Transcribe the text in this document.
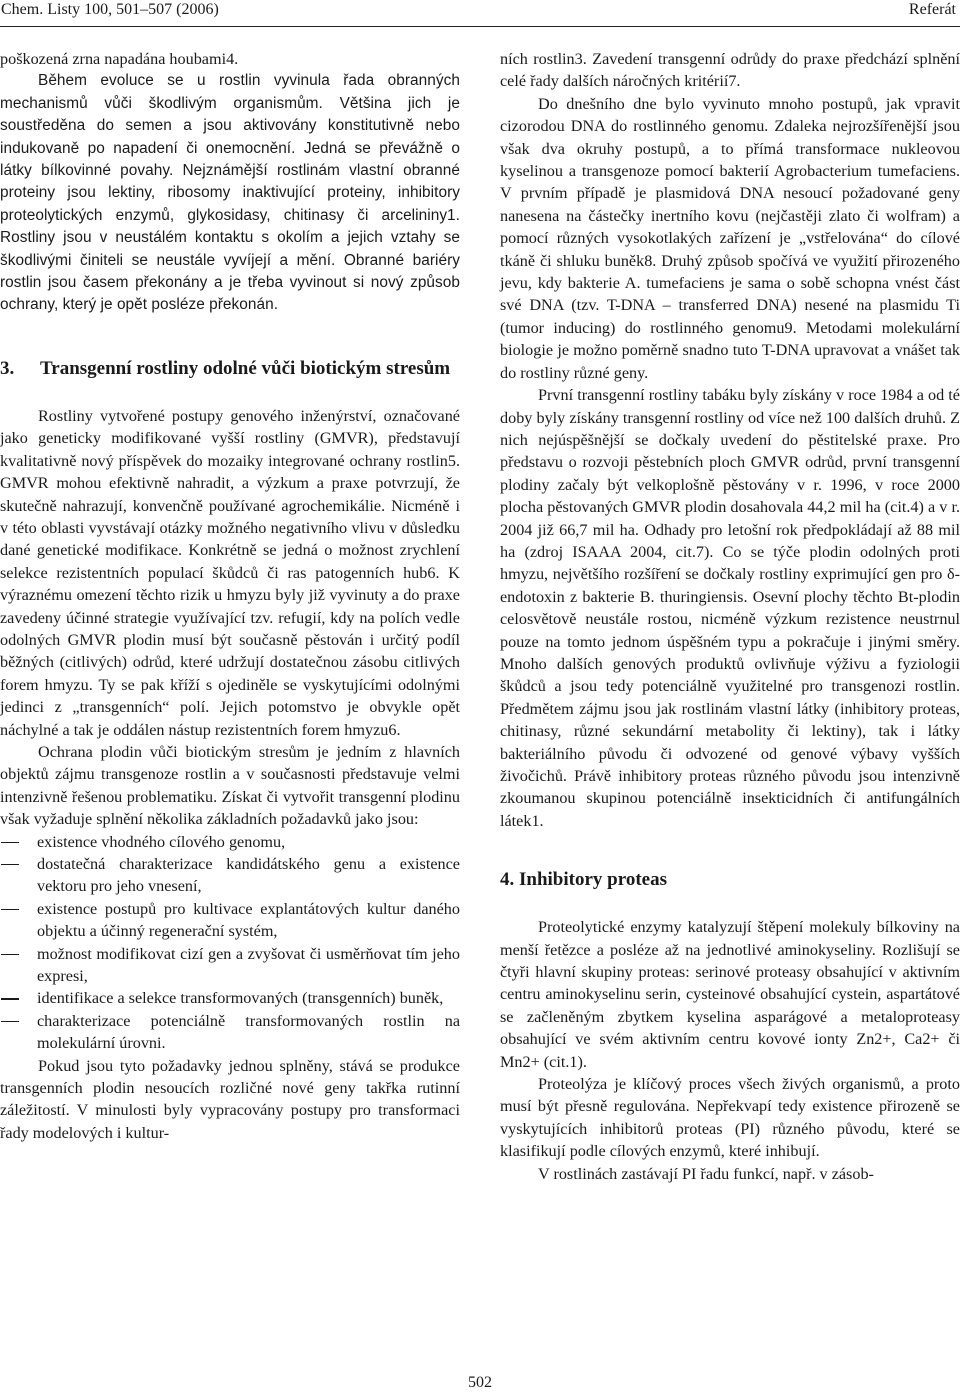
Chem. Listy 100, 501–507 (2006)	Referát

poškozená zrna napadána houbami4.

Během evoluce se u rostlin vyvinula řada obranných mechanismů vůči škodlivým organismům. Většina jich je soustředěna do semen a jsou aktivovány konstitutivně nebo indukovaně po napadení či onemocnění. Jedná se převážně o látky bílkovinné povahy. Nejznámější rostlinám vlastní obranné proteiny jsou lektiny, ribosomy inaktivující proteiny, inhibitory proteolytických enzymů, glykosidasy, chitinasy či arcelininy1. Rostliny jsou v neustálém kontaktu s okolím a jejich vztahy se škodlivými činiteli se neustále vyvíjejí a mění. Obranné bariéry rostlin jsou časem překonány a je třeba vyvinout si nový způsob ochrany, který je opět posléze překonán.

3.	Transgenní rostliny odolné vůči biotickým stresům

Rostliny vytvořené postupy genového inženýrství, označované jako geneticky modifikované vyšší rostliny (GMVR), představují kvalitativně nový příspěvek do mozaiky integrované ochrany rostlin5. GMVR mohou efektivně nahradit, a výzkum a praxe potvrzují, že skutečně nahrazují, konvenčně používané agrochemikálie. Nicméně i v této oblasti vyvstávají otázky možného negativního vlivu v důsledku dané genetické modifikace. Konkrétně se jedná o možnost zrychlení selekce rezistentních populací škůdců či ras patogenních hub6. K výraznému omezení těchto rizik u hmyzu byly již vyvinuty a do praxe zavedeny účinné strategie využívající tzv. refugií, kdy na polích vedle odolných GMVR plodin musí být současně pěstován i určitý podíl běžných (citlivých) odrůd, které udržují dostatečnou zásobu citlivých forem hmyzu. Ty se pak kříží s ojediněle se vyskytujícími odolnými jedinci z „transgenních“ polí. Jejich potomstvo je obvykle opět náchylné a tak je oddálen nástup rezistentních forem hmyzu6.

Ochrana plodin vůči biotickým stresům je jedním z hlavních objektů zájmu transgenoze rostlin a v současnosti představuje velmi intenzivně řešenou problematiku. Získat či vytvořit transgenní plodinu však vyžaduje splnění několika základních požadavků jako jsou:

existence vhodného cílového genomu,
dostatečná charakterizace kandidátského genu a existence vektoru pro jeho vnesení,
existence postupů pro kultivace explantátových kultur daného objektu a účinný regenerační systém,
možnost modifikovat cizí gen a zvyšovat či usměrňovat tím jeho expresi,
identifikace a selekce transformovaných (transgenních) buněk,
charakterizace potenciálně transformovaných rostlin na molekulární úrovni.

Pokud jsou tyto požadavky jednou splněny, stává se produkce transgenních plodin nesoucích rozličné nové geny takřka rutinní záležitostí. V minulosti byly vypracovány postupy pro transformaci řady modelových i kultur-

ních rostlin3. Zavedení transgenní odrůdy do praxe předchází splnění celé řady dalších náročných kritérií7.

Do dnešního dne bylo vyvinuto mnoho postupů, jak vpravit cizorodou DNA do rostlinného genomu. Zdaleka nejrozšířenější jsou však dva okruhy postupů, a to přímá transformace nukleovou kyselinou a transgenoze pomocí bakterií Agrobacterium tumefaciens. V prvním případě je plasmidová DNA nesoucí požadované geny nanesena na částečky inertního kovu (nejčastěji zlato či wolfram) a pomocí různých vysokotlakých zařízení je „vstřelována“ do cílové tkáně či shluku buněk8. Druhý způsob spočívá ve využití přirozeného jevu, kdy bakterie A. tumefaciens je sama o sobě schopna vnést část své DNA (tzv. T-DNA – transferred DNA) nesené na plasmidu Ti (tumor inducing) do rostlinného genomu9. Metodami molekulární biologie je možno poměrně snadno tuto T-DNA upravovat a vnášet tak do rostliny různé geny.

První transgenní rostliny tabáku byly získány v roce 1984 a od té doby byly získány transgenní rostliny od více než 100 dalších druhů. Z nich nejúspěšnější se dočkaly uvedení do pěstitelské praxe. Pro představu o rozvoji pěstebních ploch GMVR odrůd, první transgenní plodiny začaly být velkoplošně pěstovány v r. 1996, v roce 2000 plocha pěstovaných GMVR plodin dosahovala 44,2 mil ha (cit.4) a v r. 2004 již 66,7 mil ha. Odhady pro letošní rok předpokládají až 88 mil ha (zdroj ISAAA 2004, cit.7). Co se týče plodin odolných proti hmyzu, největšího rozšíření se dočkaly rostliny exprimující gen pro δ-endotoxin z bakterie B. thuringiensis. Osevní plochy těchto Bt-plodin celosvětově neustále rostou, nicméně výzkum rezistence neustrnul pouze na tomto jednom úspěšném typu a pokračuje i jinými směry. Mnoho dalších genových produktů ovlivňuje výživu a fyziologii škůdců a jsou tedy potenciálně využitelné pro transgenozi rostlin. Předmětem zájmu jsou jak rostlinám vlastní látky (inhibitory proteas, chitinasy, různé sekundární metabolity či lektiny), tak i látky bakteriálního původu či odvozené od genové výbavy vyšších živočichů. Právě inhibitory proteas různého původu jsou intenzivně zkoumanou skupinou potenciálně insekticidních či antifungálních látek1.

4. Inhibitory proteas

Proteolytické enzymy katalyzují štěpení molekuly bílkoviny na menší řetězce a posléze až na jednotlivé aminokyseliny. Rozlišují se čtyři hlavní skupiny proteas: serinové proteasy obsahující v aktivním centru aminokyselinu serin, cysteinové obsahující cystein, aspartátové se začleněným zbytkem kyselina asparágové a metaloproteasy obsahující ve svém aktivním centru kovové ionty Zn2+, Ca2+ či Mn2+ (cit.1).

Proteolýza je klíčový proces všech živých organismů, a proto musí být přesně regulována. Nepřekvapí tedy existence přirozeně se vyskytujících inhibitorů proteas (PI) různého původu, které se klasifikují podle cílových enzymů, které inhibují.

V rostlinách zastávají PI řadu funkcí, např. v zásob-

502
